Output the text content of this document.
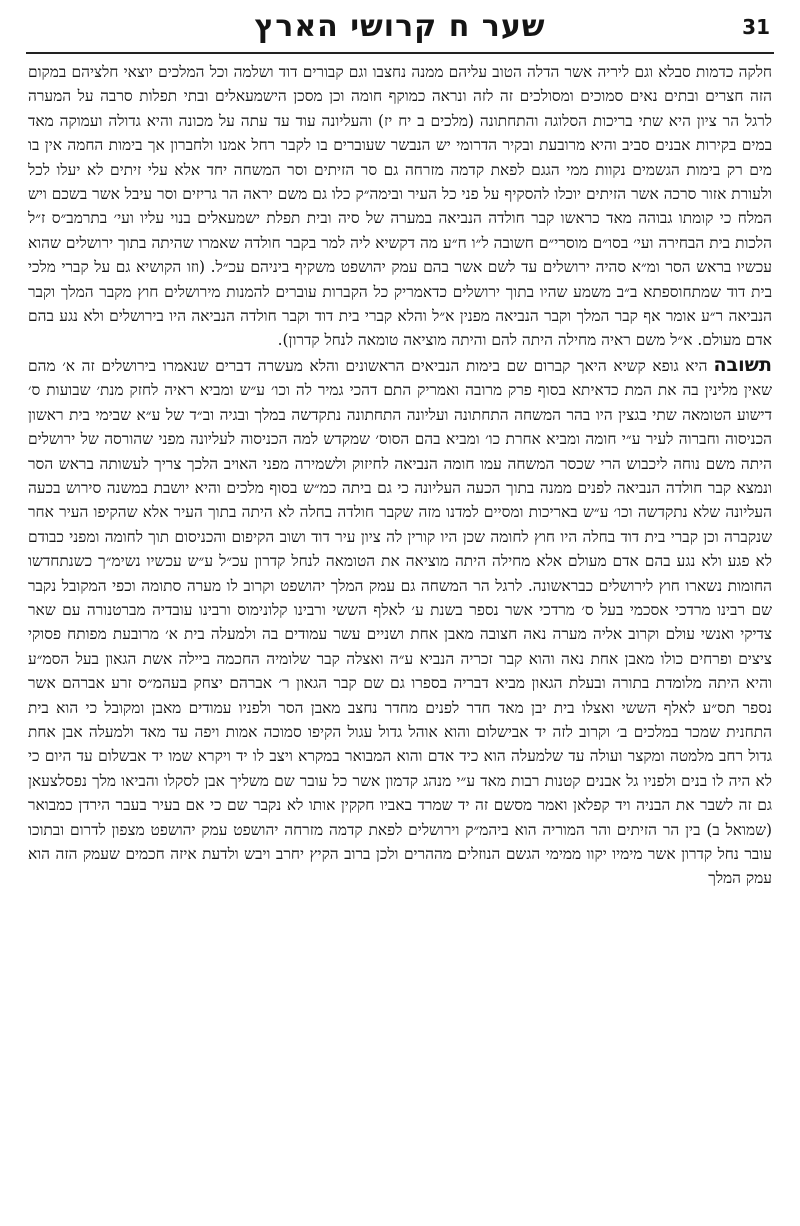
שער ח קרושי הארץ	31

חלקה כדמות סבלא וגם ליריה אשר הדלה הטוב עליהם ממנה נחצבו וגם קבורים דוד ושלמה וכל המלכים יוצאי חלציהם במקום הזה חצרים ובתים נאים סמוכים ומסולכים זה לזה ונראה כמוקף חומה וכן מסכן הישמעאלים ובתי תפלות סרבה על המערה לרגל הר ציון היא שתי בריכות הסלוגה והתחתונה (מלכים ב יח יז) והעליונה עוד עד עתה על מכונה והיא גדולה ועמוקה מאד במים בקירות אבנים סביב והיא מרובעת ובקיר הדרומי יש הנבשר שעוברים בו לקבר רחל אמנו ולחברון אך בימות החמה אין בו מים רק בימות הגשמים נקוות ממי הגגם לפאת קדמה מזרחה גם סר הזיתים וסר המשחה יחד אלא עלי זיתים לא יעלו לכל ולעורת אזור סרכה אשר הזיתים יוכלו להסקיף על פני כל העיר ובימה״ק כלו גם משם יראה הר גריזים וסר עיבל אשר בשכם ויש המלח כי קומתו גבוהה מאד כראשו קבר חולדה הנביאה במערה של סיה ובית תפלת ישמעאלים בנוי עליו ועי׳ בתרמב״ס ז״ל הלכות בית הבחירה ועי׳ בסו״ם מוסרי״ם חשובה ל״ו ח״ע מה דקשיא ליה למר בקבר חולדה שאמרו שהיתה בתוך ירושלים שהוא עכשיו בראש הסר ומ״א סהיה ירושלים עד לשם אשר בהם עמק יהושפט משקיף ביניהם עכ״ל. (וזו הקושיא גם על קברי מלכי בית דוד שמתחוספתא ב״ב משמע שהיו בתוך ירושלים כדאמריק כל הקברות עוברים להמנות מירושלים חוץ מקבר המלך וקבר הנביאה ר״ע אומר אף קבר המלך וקבר הנביאה מפנין א״ל והלא קברי בית דוד וקבר חולדה הנביאה היו בירושלים ולא נגע בהם אדם מעולם. א״ל משם ראיה מחילה היתה להם והיתה מוציאה טומאה לנחל קדרון).

תשובההיא גופא קשיא היאך קברום שם בימות הנביאים הראשונים והלא מעשרה דברים שנאמרו בירושלים זה א׳ מהם שאין מלינין בה את המת כדאיתא בסוף פרק מרובה ואמריק התם דהכי גמיר לה וכו׳ ע״ש ומביא ראיה לחזק מנת׳ שבועות ס׳ דישוע הטומאה שתי בגצין היו בהר המשחה התחתונה ועליונה התחתונה נתקדשה במלך ובגיה וב״ד של ע״א שבימי בית ראשון הכניסוה וחברוה לעיר ע״י חומה ומביא אחרת כו׳ ומביא בהם הסוס׳ שמקדש למה הכניסוה לעליונה מפני שהורסה של ירושלים היתה משם נוחה ליכבוש הרי שכסר המשחה עמו חומה הנביאה לחיזוק ולשמירה מפני האויב הלכך צריך לעשותה בראש הסר ונמצא קבר חולדה הנביאה לפנים ממנה בתוך הכעה העליונה כי גם ביתה כמ״ש בסוף מלכים והיא יושבת במשנה סירוש בכעה העליונה שלא נתקדשה וכו׳ ע״ש באריכות ומסיים למדנו מזה שקבר חולדה בחלה לא היתה בתוך העיר אלא שהקיפו העיר אחר שנקברה וכן קברי בית דוד בחלה היו חוץ לחומה שכן היו קורין לה ציון עיר דוד ושוב הקיפום והכניסום תוך לחומה ומפני כבודם לא פגע ולא נגע בהם אדם מעולם אלא מחילה היתה מוציאה את הטומאה לנחל קדרון עכ״ל ע״ש עכשיו נשימ״ך כשנתחדשו החומות נשארו חוץ לירושלים כבראשונה. לרגל הר המשחה גם עמק המלך יהושפט וקרוב לו מערה סתומה וכפי המקובל נקבר שם רבינו מרדכי אסכמי בעל ס׳ מרדכי אשר נספר בשנת ע׳ לאלף הששי ורבינו קלונימוס ורבינו עובדיה מברטנורה עם שאר צדיקי ואנשי עולם וקרוב אליה מערה נאה חצובה מאבן אחת ושניים עשר עמודים בה ולמעלה בית א׳ מרובעת מפותח פסוקי ציצים ופרחים כולו מאבן אחת נאה והוא קבר זכריה הנביא ע״ה ואצלה קבר שלומיה החכמה ביילה אשת הגאון בעל הסמ״ע והיא היתה מלומדת בתורה ובעלת הגאון מביא דבריה בספרו גם שם קבר הגאון ר׳ אברהם יצחק בעהמ״ס זרע אברהם אשר נספר תס״ע לאלף הששי ואצלו בית יבן מאד חדר לפנים מחדר נחצב מאבן הסר ולפניו עמודים מאבן ומקובל כי הוא בית התחנית שמכר במלכים ב׳ וקרוב לזה יד אבישלום והוא אוהל גדול עגול הקיפו סמוכה אמות ויפה עד מאד ולמעלה אבן אחת גדול רחב מלמטה ומקצר ועולה עד שלמעלה הוא כיד אדם והוא המבואר במקרא ויצב לו יד ויקרא שמו יד אבשלום עד היום כי לא היה לו בנים ולפניו גל אבנים קטנות רבות מאד ע״י מנהג קדמון אשר כל עובר שם משליך אבן לסקלו והביאו מלך נפסלצעאן גם זה לשבר את הבניה ויד קפלאן ואמר מסשם זה יד שמרד באביו חקקין אותו לא נקבר שם כי אם בעיר בעבר הירדן כמבואר (שמואל ב) בין הר הזיתים והר המוריה הוא ביהמ״ק וירושלים לפאת קדמה מזרחה יהושפט עמק יהושפט מצפון לדרום ובתוכו עובר נחל קדרון אשר מימיו יקוו ממימי הגשם הנוזלים מההרים ולכן ברוב הקיץ יחרב ויבש ולדעת איזה חכמים שעמק הזה הוא עמק המלך
